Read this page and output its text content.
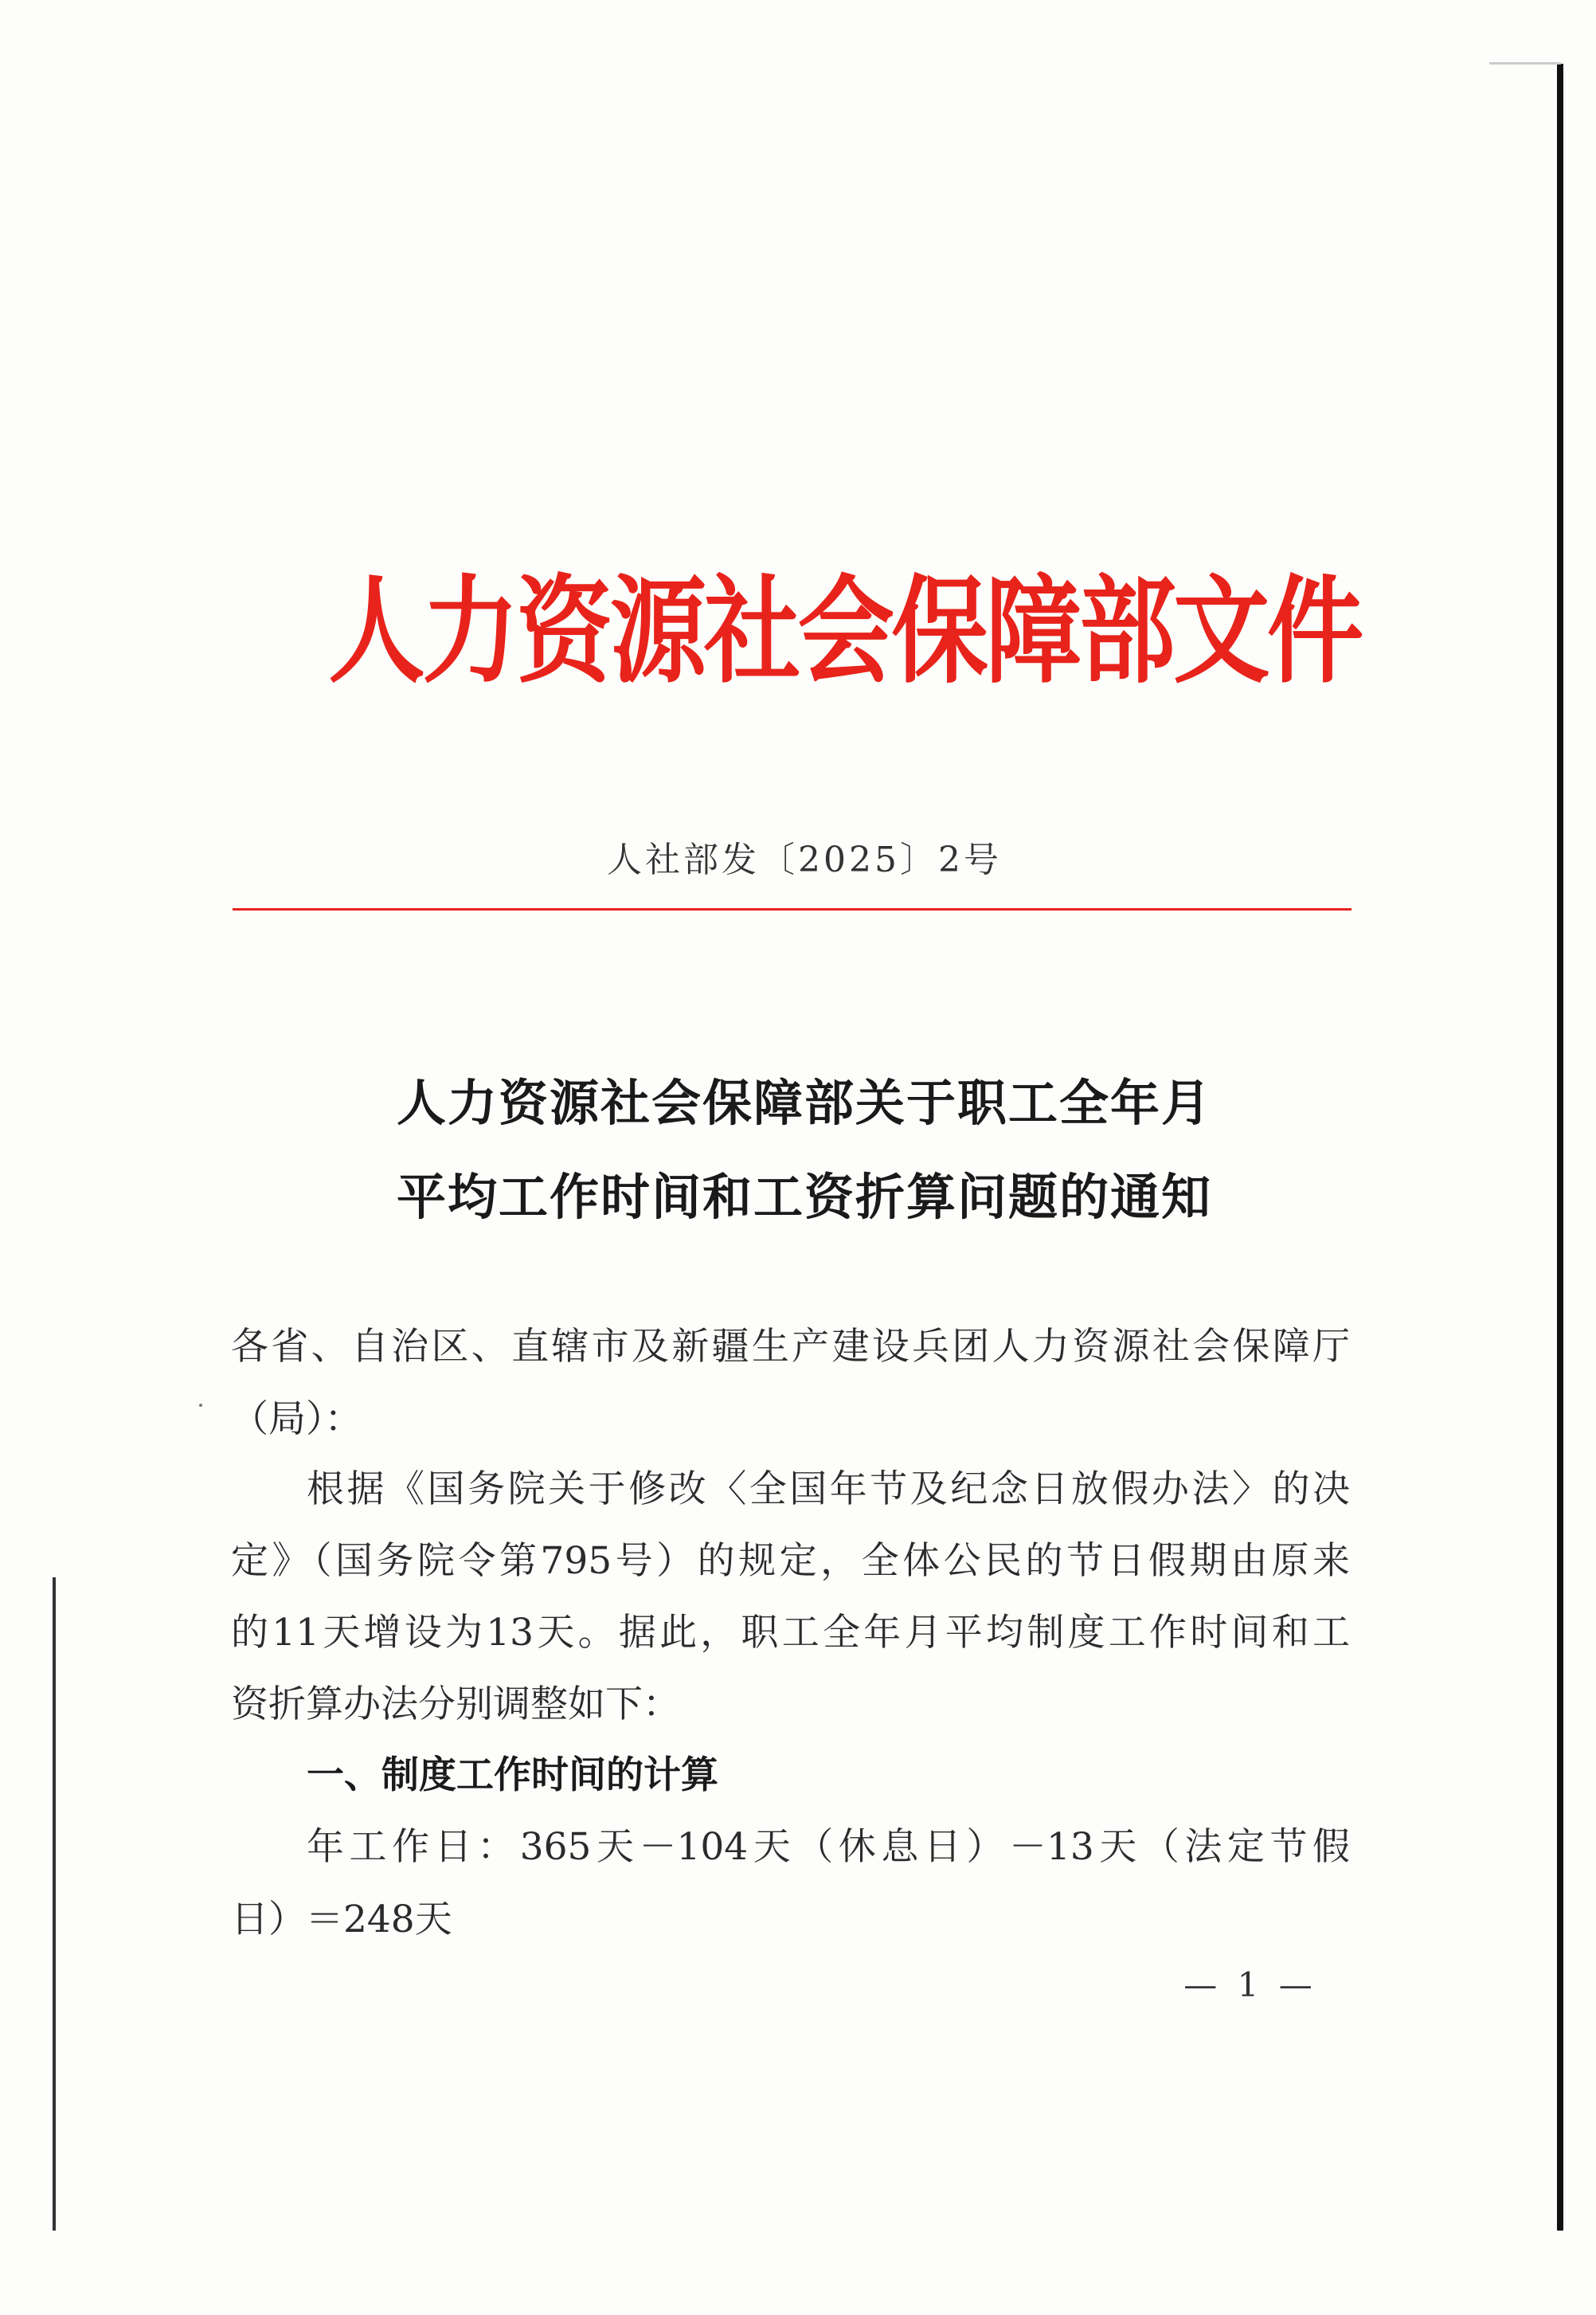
人力资源社会保障部文件
人社部发〔2025〕2号
人力资源社会保障部关于职工全年月
平均工作时间和工资折算问题的通知
各省、自治区、直辖市及新疆生产建设兵团人力资源社会保障厅
（局）：
根据《国务院关于修改〈全国年节及纪念日放假办法〉的决
定》（国务院令第795号）的规定，全体公民的节日假期由原来
的11天增设为13天。据此，职工全年月平均制度工作时间和工
资折算办法分别调整如下：
一、制度工作时间的计算
年工作日：365天－104天（休息日）－13天（法定节假
日）＝248天
— 1 —
